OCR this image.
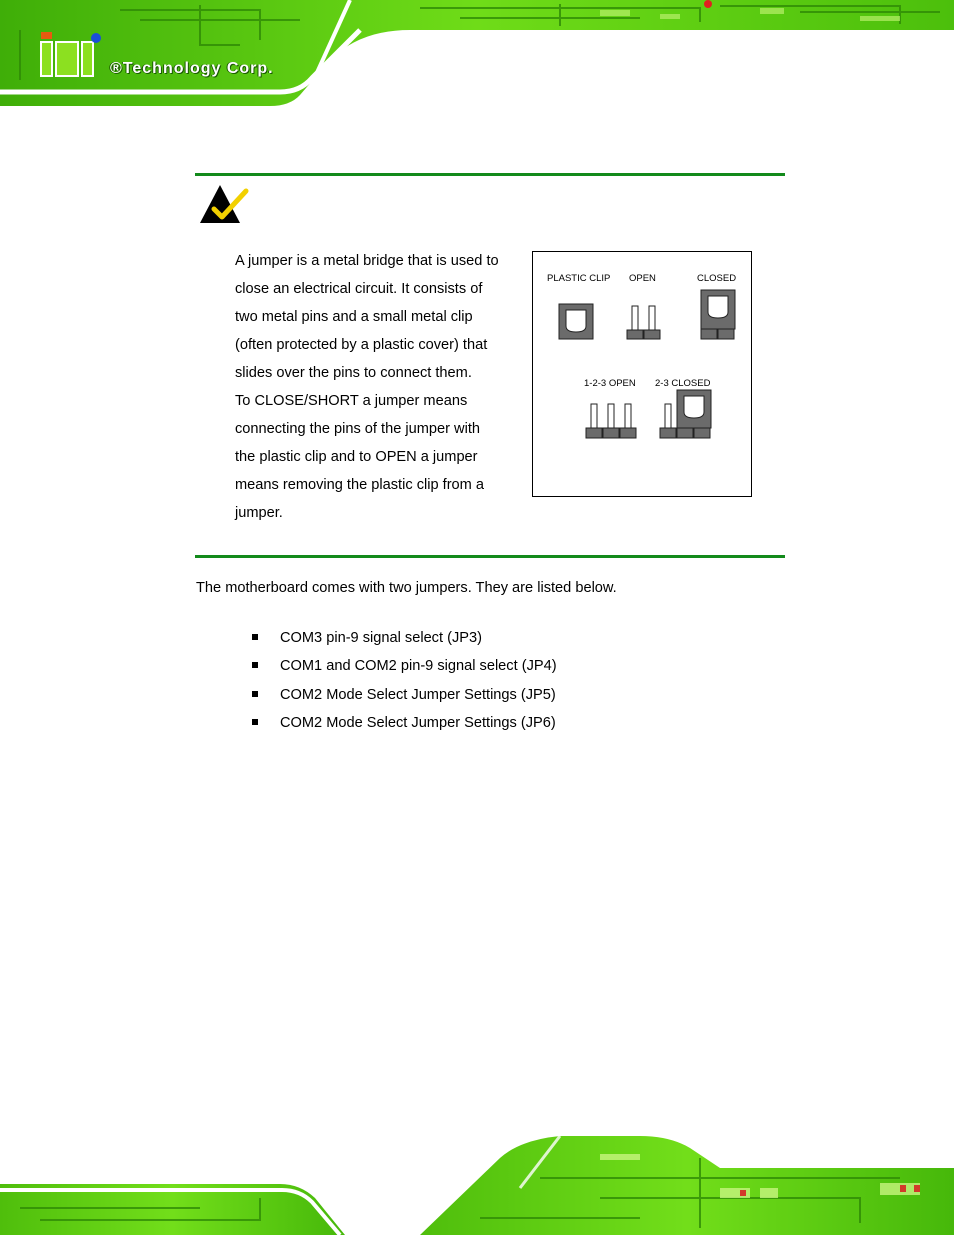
®Technology Corp.

A jumper is a metal bridge that is used to

close an electrical circuit. It consists of

two metal pins and a small metal clip

(often protected by a plastic cover) that

slides over the pins to connect them.

To CLOSE/SHORT a jumper means

connecting the pins of the jumper with

the plastic clip and to OPEN a jumper

means removing the plastic clip from a

jumper.

PLASTIC CLIP OPEN	CLOSED
1-2-3 OPEN 2-3 CLOSED

The motherboard comes with two jumpers. They are listed below.

COM3 pin-9 signal select (JP3)
COM1 and COM2 pin-9 signal select (JP4)
COM2 Mode Select Jumper Settings (JP5)
COM2 Mode Select Jumper Settings (JP6)
